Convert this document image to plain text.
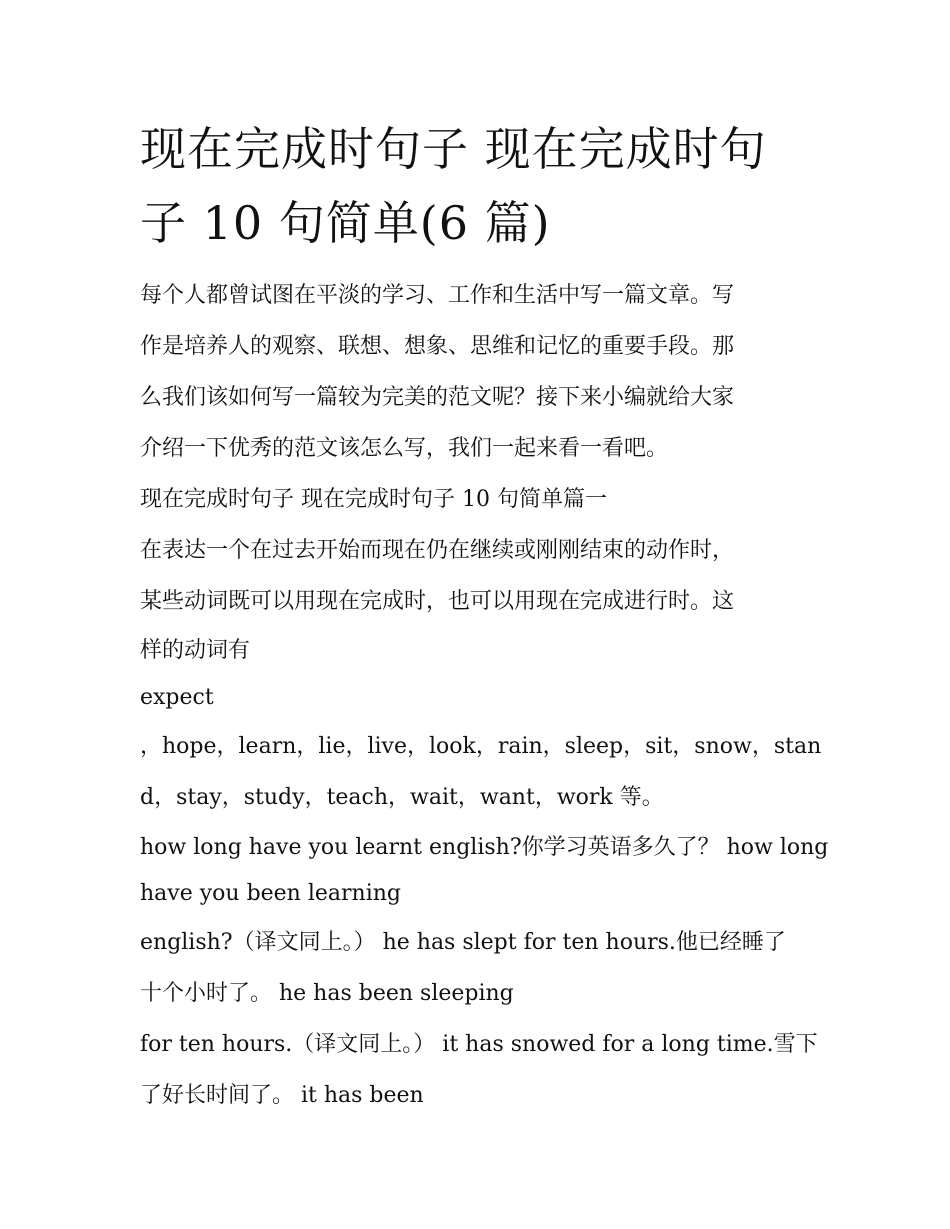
现在完成时句子 现在完成时句
子 10 句简单(6 篇)
每个人都曾试图在平淡的学习、工作和生活中写一篇文章。写
作是培养人的观察、联想、想象、思维和记忆的重要手段。那
么我们该如何写一篇较为完美的范文呢？接下来小编就给大家
介绍一下优秀的范文该怎么写，我们一起来看一看吧。
现在完成时句子 现在完成时句子 10 句简单篇一
在表达一个在过去开始而现在仍在继续或刚刚结束的动作时，
某些动词既可以用现在完成时，也可以用现在完成进行时。这
样的动词有
expect
，hope，learn，lie，live，look，rain，sleep，sit，snow，stan
d，stay，study，teach，wait，want，work 等。
how long have you learnt english?你学习英语多久了？ how long
have you been learning
english?（译文同上。） he has slept for ten hours.他已经睡了
十个小时了。 he has been sleeping
for ten hours.（译文同上。） it has snowed for a long time.雪下
了好长时间了。 it has been
